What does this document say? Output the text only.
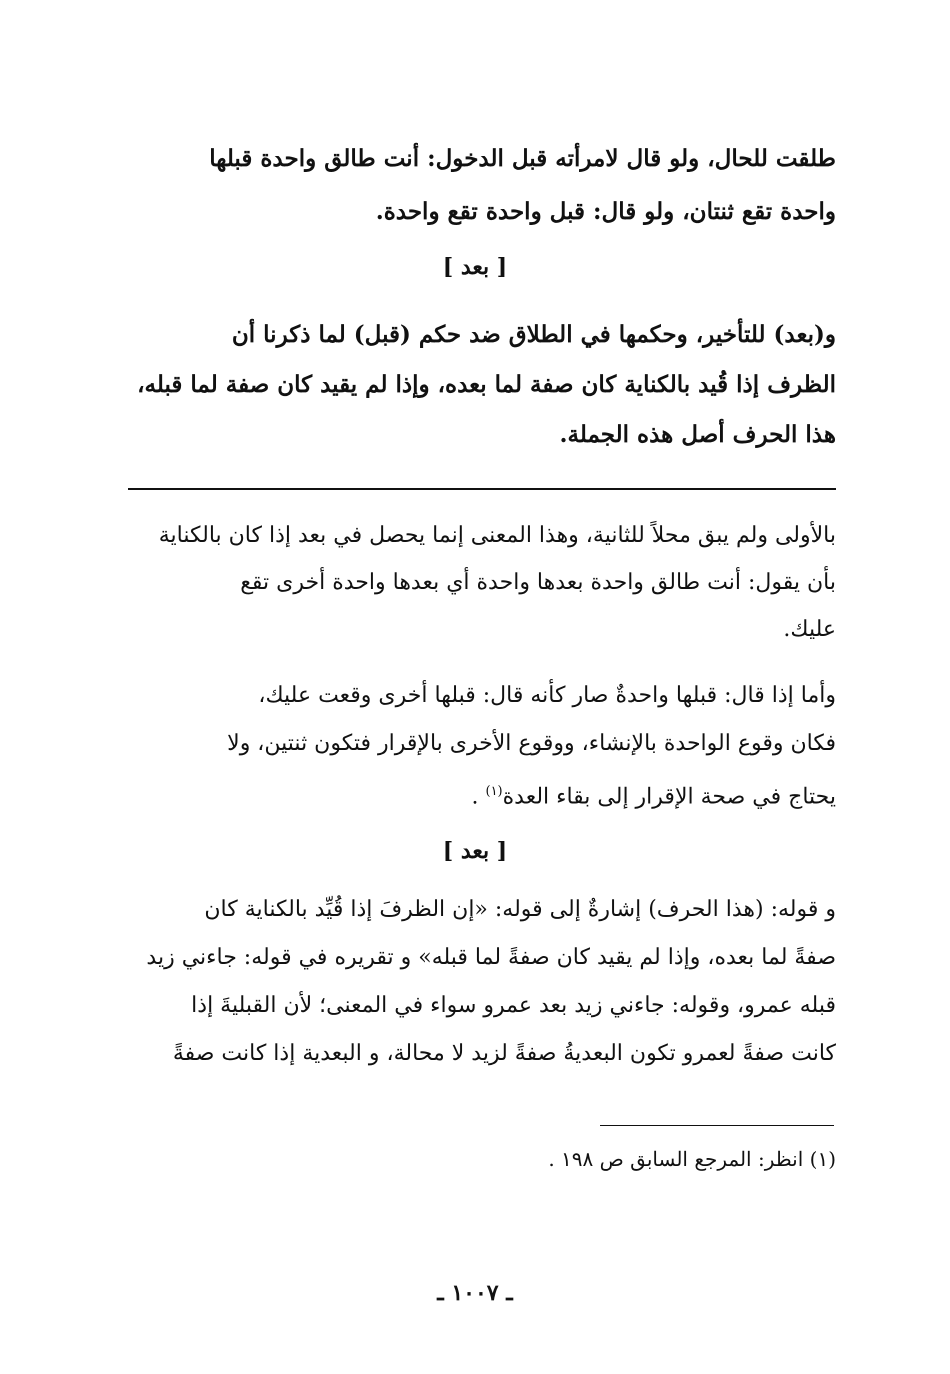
طلقت للحال، ولو قال لامرأته قبل الدخول: أنت طالق واحدة قبلها
واحدة تقع ثنتان، ولو قال: قبل واحدة تقع واحدة.
[ بعد ]
و(بعد) للتأخير، وحكمها في الطلاق ضد حكم (قبل) لما ذكرنا أن
الظرف إذا قُيد بالكناية كان صفة لما بعده، وإذا لم يقيد كان صفة لما قبله،
هذا الحرف أصل هذه الجملة.
بالأولى ولم يبق محلاً للثانية، وهذا المعنى إنما يحصل في بعد إذا كان بالكناية
بأن يقول: أنت طالق واحدة بعدها واحدة أي بعدها واحدة أخرى تقع
عليك.
وأما إذا قال: قبلها واحدةٌ صار كأنه قال: قبلها أخرى وقعت عليك،
فكان وقوع الواحدة بالإنشاء، ووقوع الأخرى بالإقرار فتكون ثنتين، ولا
يحتاج في صحة الإقرار إلى بقاء العدة$^{(١)}$ .
[ بعد ]
و قوله: (هذا الحرف) إشارةٌ إلى قوله: «إن الظرفَ إذا قُيِّد بالكناية كان
صفةً لما بعده، وإذا لم يقيد كان صفةً لما قبله» و تقريره في قوله: جاءني زيد
قبله عمرو، وقوله: جاءني زيد بعد عمرو سواء في المعنى؛ لأن القبليةَ إذا
كانت صفةً لعمرو تكون البعديةُ صفةً لزيد لا محالة، و البعدية إذا كانت صفةً
(١) انظر: المرجع السابق ص ١٩٨ .
ـ ١٠٠٧ ـ
